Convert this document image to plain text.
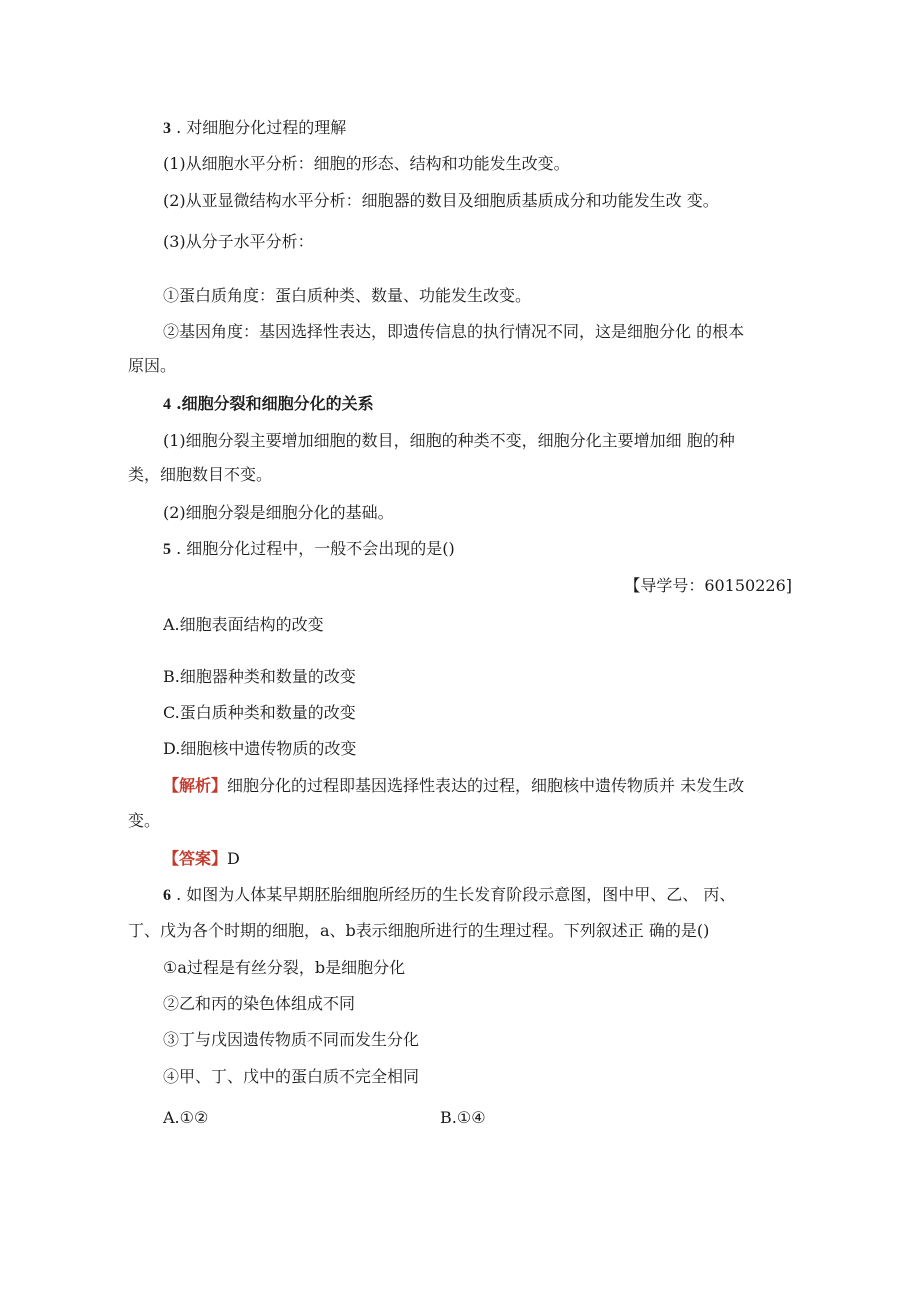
3 . 对细胞分化过程的理解
(1)从细胞水平分析：细胞的形态、结构和功能发生改变。
(2)从亚显微结构水平分析：细胞器的数目及细胞质基质成分和功能发生改 变。
(3)从分子水平分析：
①蛋白质角度：蛋白质种类、数量、功能发生改变。
②基因角度：基因选择性表达，即遗传信息的执行情况不同，这是细胞分化 的根本
原因。
4 .细胞分裂和细胞分化的关系
(1)细胞分裂主要增加细胞的数目，细胞的种类不变，细胞分化主要增加细 胞的种
类，细胞数目不变。
(2)细胞分裂是细胞分化的基础。
5 . 细胞分化过程中，一般不会出现的是()
【导学号：60150226]
A.细胞表面结构的改变
B.细胞器种类和数量的改变
C.蛋白质种类和数量的改变
D.细胞核中遗传物质的改变
【解析】细胞分化的过程即基因选择性表达的过程，细胞核中遗传物质并 未发生改
变。
【答案】D
6 . 如图为人体某早期胚胎细胞所经历的生长发育阶段示意图，图中甲、乙、 丙、
丁、戊为各个时期的细胞，a、b表示细胞所进行的生理过程。下列叙述正 确的是()
①a过程是有丝分裂，b是细胞分化
②乙和丙的染色体组成不同
③丁与戊因遗传物质不同而发生分化
④甲、丁、戊中的蛋白质不完全相同
A.①②	B.①④
